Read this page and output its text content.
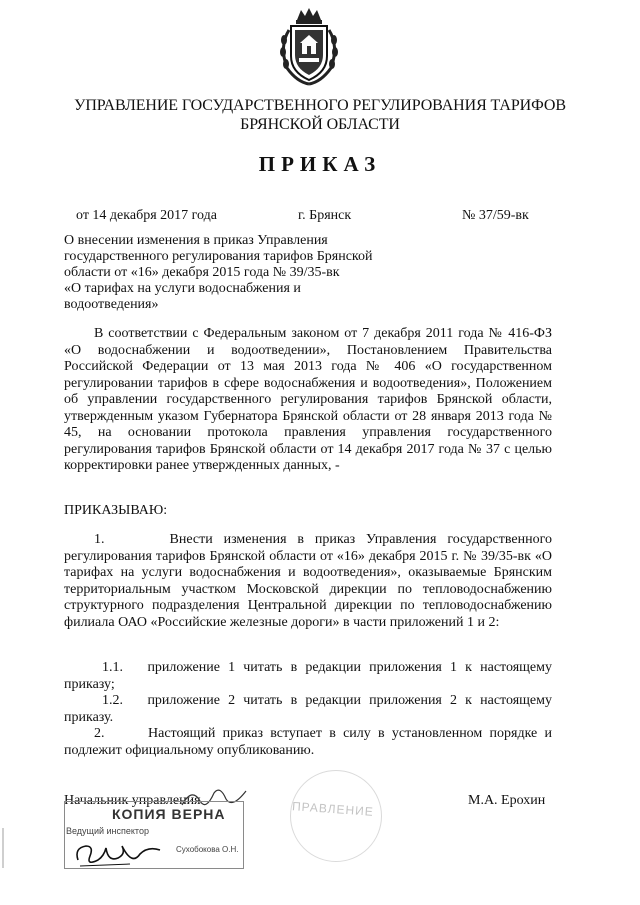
УПРАВЛЕНИЕ ГОСУДАРСТВЕННОГО РЕГУЛИРОВАНИЯ ТАРИФОВ
БРЯНСКОЙ ОБЛАСТИ
ПРИКАЗ
от 14 декабря 2017 года	г. Брянск	№ 37/59-вк
О внесении изменения в приказ Управления
государственного регулирования тарифов Брянской
области от «16» декабря 2015 года № 39/35-вк
«О тарифах на услуги водоснабжения и
водоотведения»
В соответствии с Федеральным законом от 7 декабря 2011 года № 416-ФЗ «О водоснабжении и водоотведении», Постановлением Правительства Российской Федерации от 13 мая 2013 года № 406 «О государственном регулировании тарифов в сфере водоснабжения и водоотведения», Положением об управлении государственного регулирования тарифов Брянской области, утвержденным указом Губернатора Брянской области от 28 января 2013 года № 45, на основании протокола правления управления государственного регулирования тарифов Брянской области от 14 декабря 2017 года № 37 с целью корректировки ранее утвержденных данных, -
ПРИКАЗЫВАЮ:
1.      Внести изменения в приказ Управления государственного регулирования тарифов Брянской области от «16» декабря 2015 г. № 39/35-вк «О тарифах на услуги водоснабжения и водоотведения», оказываемые Брянским территориальным участком Московской дирекции по тепловодоснабжению структурного подразделения Центральной дирекции по тепловодоснабжению филиала ОАО «Российские железные дороги» в части приложений 1 и 2:
1.1.   приложение 1 читать в редакции приложения 1 к настоящему приказу;
1.2.   приложение 2 читать в редакции приложения 2 к настоящему приказу.
2.      Настоящий приказ вступает в силу в установленном порядке и подлежит официальному опубликованию.
ПРАВЛЕНИЕ
Начальник управления	М.А. Ерохин
КОПИЯ ВЕРНА
Ведущий инспектор
Сухобокова О.Н.
